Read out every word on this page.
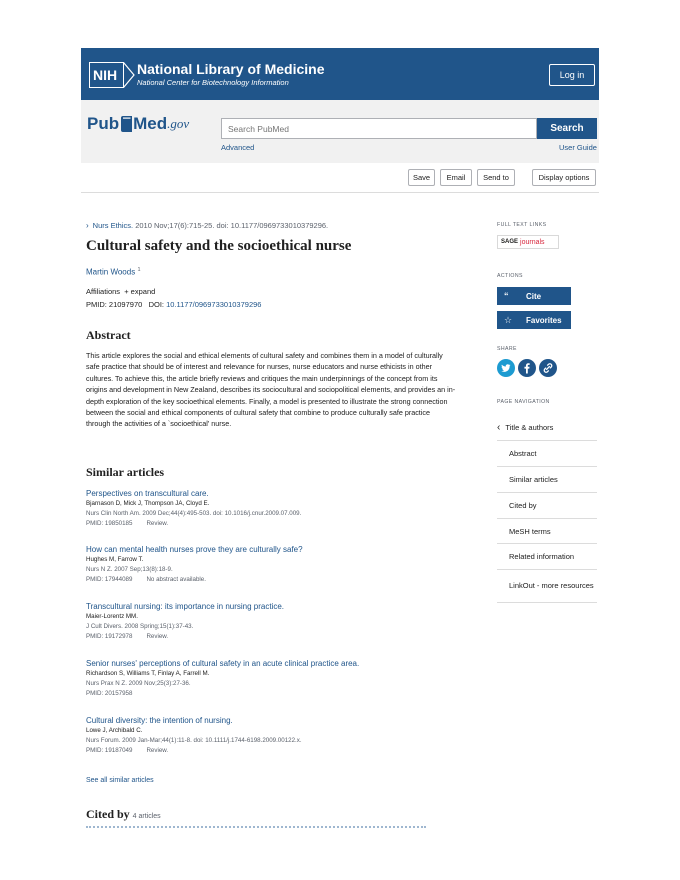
NIH National Library of Medicine
National Center for Biotechnology Information
Log in
Pub Med.gov
Search PubMed	Search
Advanced	User Guide
Save	Email	Send to	Display options
› Nurs Ethics. 2010 Nov;17(6):715-25. doi: 10.1177/0969733010379296.
Cultural safety and the socioethical nurse
Martin Woods $^1$
Affiliations + expand
PMID: 21097970 DOI: 10.1177/0969733010379296
Abstract

This article explores the social and ethical elements of cultural safety and combines them in a model of culturally safe practice that should be of interest and relevance for nurses, nurse educators and nurse ethicists in other cultures. To achieve this, the article briefly reviews and critiques the main underpinnings of the concept from its origins and development in New Zealand, describes its sociocultural and sociopolitical elements, and provides an in-depth exploration of the key socioethical elements. Finally, a model is presented to illustrate the strong connection between the social and ethical components of cultural safety that combine to produce culturally safe practice through the activities of a `socioethical' nurse.

Similar articles
Perspectives on transcultural care.
Bjarnason D, Mick J, Thompson JA, Cloyd E.
Nurs Clin North Am. 2009 Dec;44(4):495-503. doi: 10.1016/j.cnur.2009.07.009.
PMID: 19850185 Review.
How can mental health nurses prove they are culturally safe?
Hughes M, Farrow T.
Nurs N Z. 2007 Sep;13(8):18-9.
PMID: 17944089 No abstract available.
Transcultural nursing: its importance in nursing practice.
Maier-Lorentz MM.
J Cult Divers. 2008 Spring;15(1):37-43.
PMID: 19172978 Review.
Senior nurses' perceptions of cultural safety in an acute clinical practice area.
Richardson S, Williams T, Finlay A, Farrell M.
Nurs Prax N Z. 2009 Nov;25(3):27-36.
PMID: 20157958
Cultural diversity: the intention of nursing.
Lowe J, Archibald C.
Nurs Forum. 2009 Jan-Mar;44(1):11-8. doi: 10.1111/j.1744-6198.2009.00122.x.
PMID: 19187049 Review.
See all similar articles
Cited by 4 articles
FULL TEXT LINKS
SAGE journals
ACTIONS
“	Cite
☆	Favorites
SHARE
PAGE NAVIGATION
‹ Title & authors
Abstract
Similar articles
Cited by
MeSH terms
Related information
LinkOut - more resources
